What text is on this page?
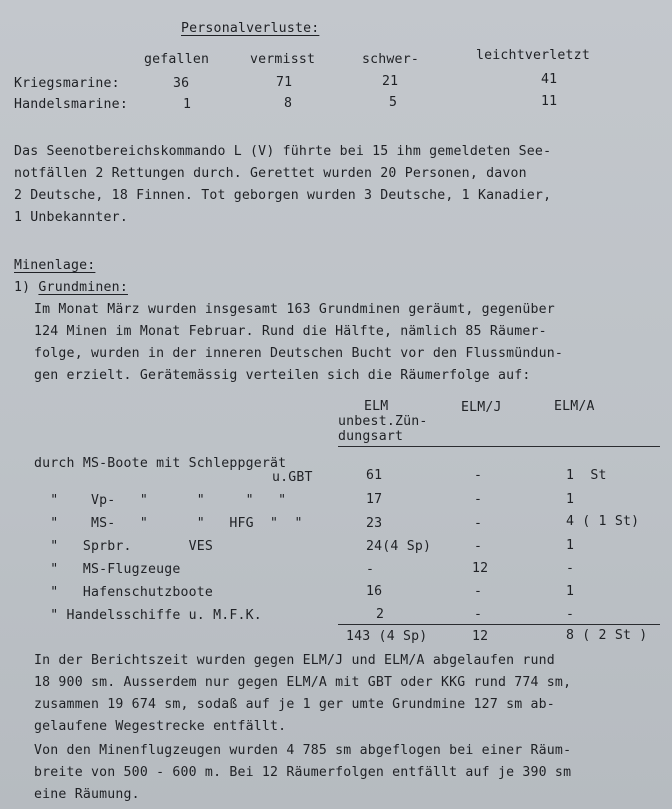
Personalverluste:
gefallen	vermisst	schwer-	leichtverletzt
Kriegsmarine:	36	71	21	41
Handelsmarine:	1	8	5	11
Das Seenotbereichskommando L (V) führte bei 15 ihm gemeldeten See-
notfällen 2 Rettungen durch. Gerettet wurden 20 Personen, davon
2 Deutsche, 18 Finnen. Tot geborgen wurden 3 Deutsche, 1 Kanadier,
1 Unbekannter.
Minenlage:
1) Grundminen:
Im Monat März wurden insgesamt 163 Grundminen geräumt, gegenüber
124 Minen im Monat Februar. Rund die Hälfte, nämlich 85 Räumer-
folge, wurden in der inneren Deutschen Bucht vor den Flussmündun-
gen erzielt. Gerätemässig verteilen sich die Räumerfolge auf:
ELM
unbest.Zün-
dungsart
ELM/J	ELM/A
durch MS-Boote mit Schleppgerät
u.GBT	61	-	1  St
"    Vp-   "      "     "   "	17	-	1
"    MS-   "      "   HFG  "  "	23	-	4 ( 1 St)
"   Sprbr.       VES	24(4 Sp)	-	1
"   MS-Flugzeuge	-	12	-
"   Hafenschutzboote	16	-	1
" Handelsschiffe u. M.F.K.	2	-	-
143 (4 Sp)	12	8 ( 2 St )
In der Berichtszeit wurden gegen ELM/J und ELM/A abgelaufen rund
18 900 sm. Ausserdem nur gegen ELM/A mit GBT oder KKG rund 774 sm,
zusammen 19 674 sm, sodaß auf je 1 ger umte Grundmine 127 sm ab-
gelaufene Wegestrecke entfällt.
Von den Minenflugzeugen wurden 4 785 sm abgeflogen bei einer Räum-
breite von 500 - 600 m. Bei 12 Räumerfolgen entfällt auf je 390 sm
eine Räumung.
